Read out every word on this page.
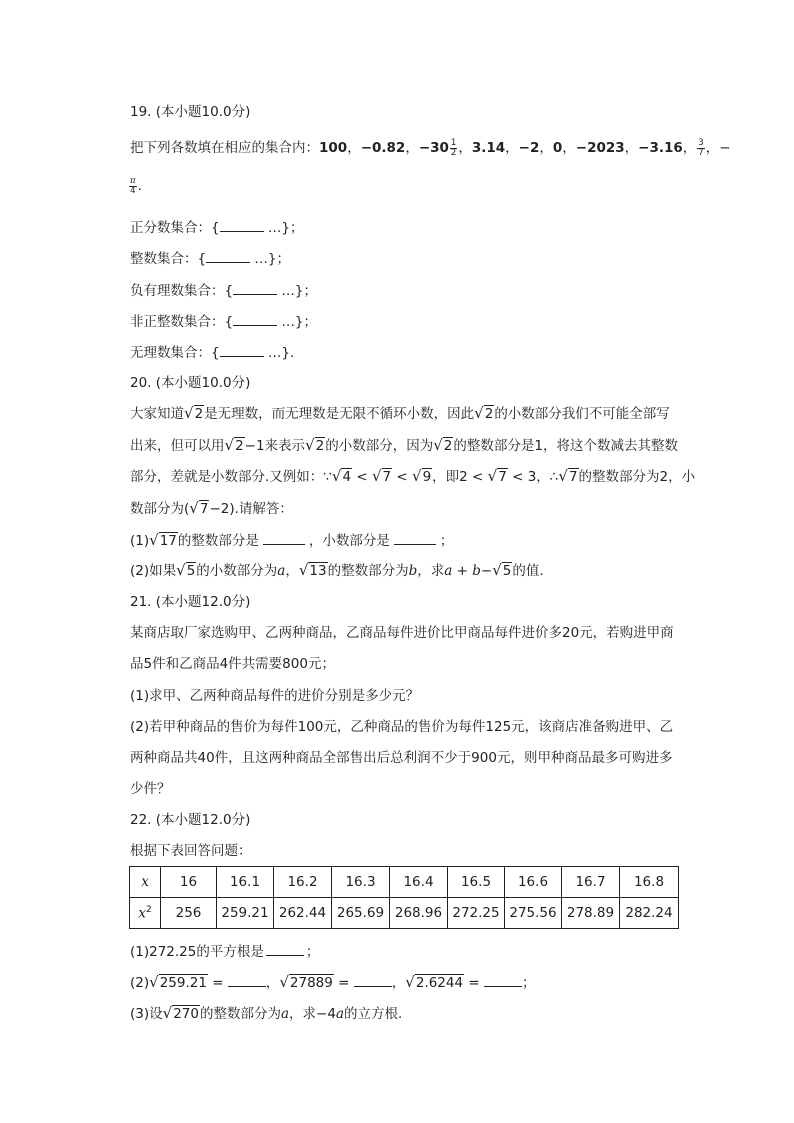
19. (本小题10.0分)
把下列各数填在相应的集合内：100，−0.82，$-30 \frac{1}{2}$ ，3.14，−2，0，−2023，−3.16， $\frac{3}{7}$ ，−
$\frac{\pi}{4}$ .
正分数集合：{	…}；
整数集合：{	…}；
负有理数集合：{	…}；
非正整数集合：{	…}；
无理数集合：{	…}.
20. (本小题10.0分)
大家知道√2是无理数，而无理数是无限不循环小数，因此√2的小数部分我们不可能全部写
出来，但可以用√2−1来表示√2的小数部分，因为√2的整数部分是1，将这个数减去其整数
部分，差就是小数部分.又例如：∵√4 < √7 < √9，即2 < √7 < 3，∴√7的整数部分为2，小
数部分为(√7−2).请解答：
(1)√17的整数部分是	，小数部分是	；
(2)如果√5的小数部分为a，√13的整数部分为b，求a + b−√5的值.
21. (本小题12.0分)
某商店取厂家选购甲、乙两种商品，乙商品每件进价比甲商品每件进价多20元，若购进甲商
品5件和乙商品4件共需要800元；
(1)求甲、乙两种商品每件的进价分别是多少元？
(2)若甲种商品的售价为每件100元，乙种商品的售价为每件125元，该商店准备购进甲、乙
两种商品共40件，且这两种商品全部售出后总利润不少于900元，则甲种商品最多可购进多
少件？
22. (本小题12.0分)
根据下表回答问题：
x	16	16.1	16.2	16.3	16.4	16.5	16.6	16.7	16.8
$x^2$	256	259.21	262.44	265.69	268.96	272.25	275.56	278.89	282.24
(1)272.25的平方根是	；
(2)√259.21 =	，√27889 =	，√2.6244 =	；
(3)设√270的整数部分为a，求−4a的立方根.
